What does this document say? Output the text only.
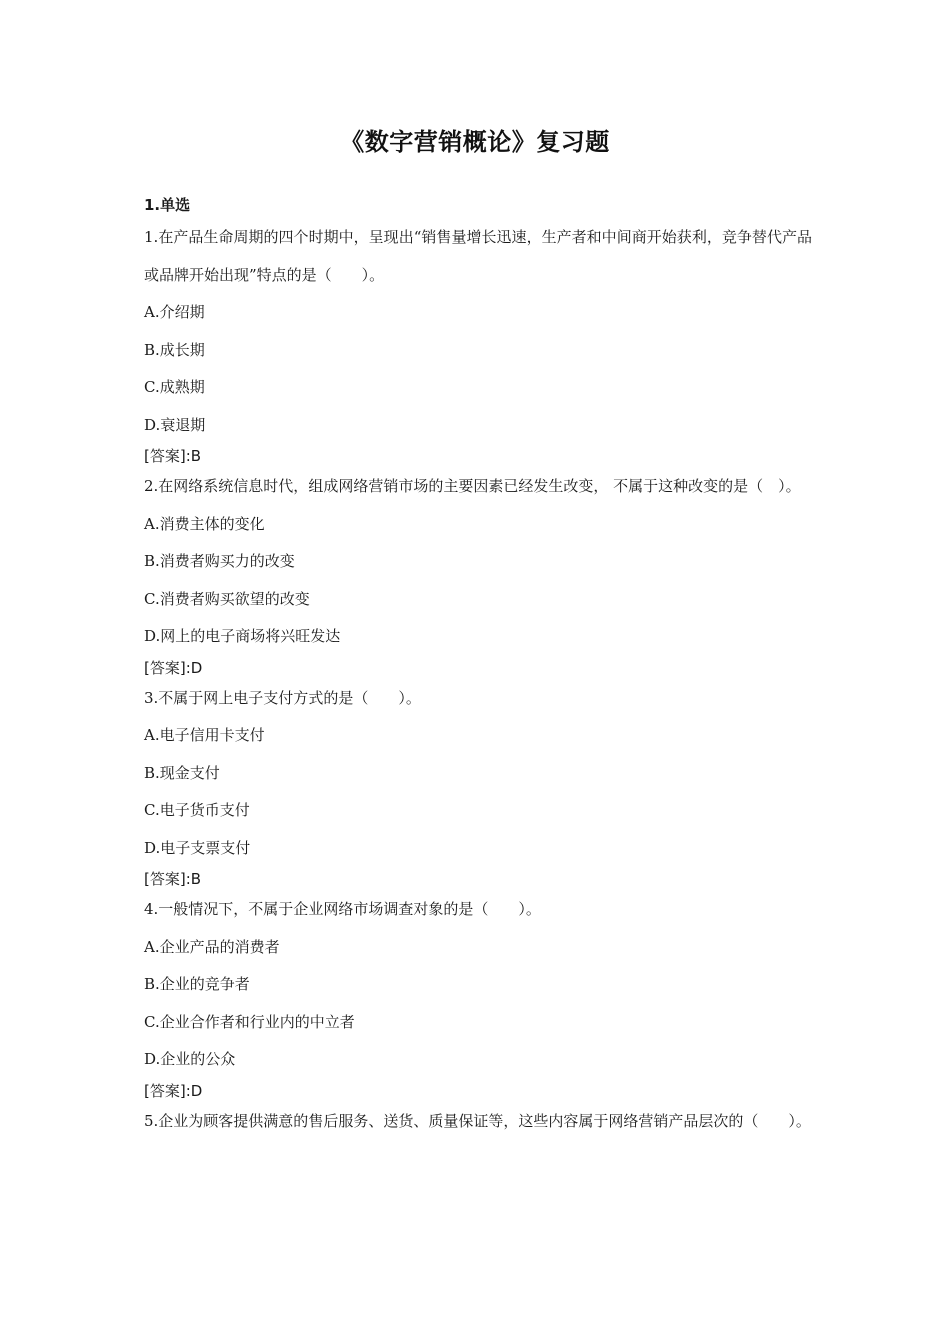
《数字营销概论》复习题
1.单选

1.在产品生命周期的四个时期中，呈现出“销售量增长迅速，生产者和中间商开始获利，竞争替代产品或品牌开始出现”特点的是（　　）。

A.介绍期

B.成长期

C.成熟期

D.衰退期

[答案]:B

2.在网络系统信息时代，组成网络营销市场的主要因素已经发生改变， 不属于这种改变的是（　）。

A.消费主体的变化

B.消费者购买力的改变

C.消费者购买欲望的改变

D.网上的电子商场将兴旺发达

[答案]:D

3.不属于网上电子支付方式的是（　　）。

A.电子信用卡支付

B.现金支付

C.电子货币支付

D.电子支票支付

[答案]:B

4.一般情况下，不属于企业网络市场调查对象的是（　　）。

A.企业产品的消费者

B.企业的竞争者

C.企业合作者和行业内的中立者

D.企业的公众

[答案]:D

5.企业为顾客提供满意的售后服务、送货、质量保证等，这些内容属于网络营销产品层次的（　　）。
